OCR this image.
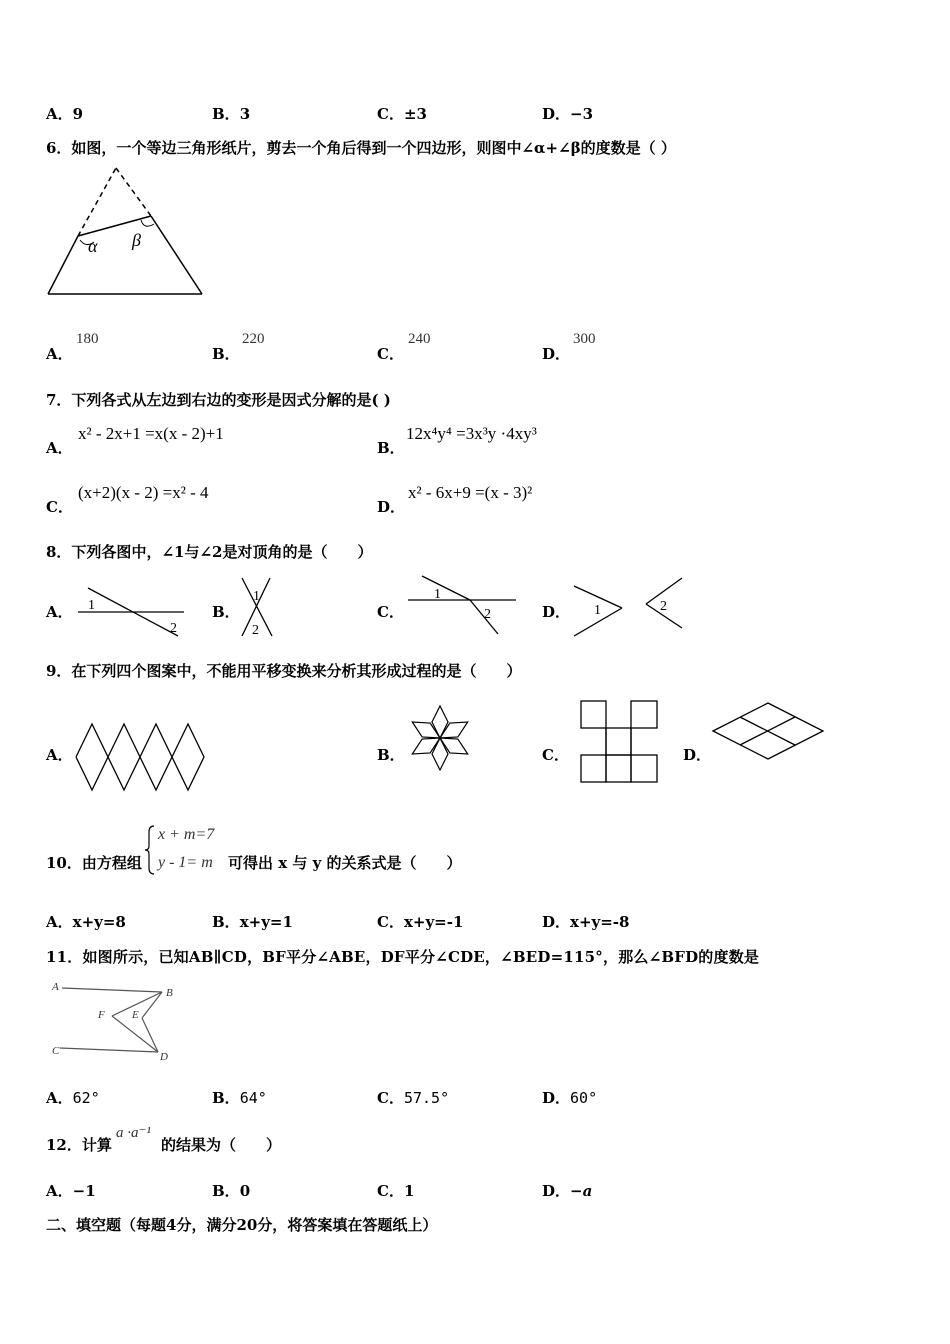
A．9	B．3	C．±3	D．−3
6．如图，一个等边三角形纸片，剪去一个角后得到一个四边形，则图中∠α+∠β的度数是（ ）
α β
A．
180
B．
220
C．
240
D．
300
7．下列各式从左边到右边的变形是因式分解的是( )
A．
x² - 2x+1 =x(x - 2)+1
B．
12x⁴y⁴ =3x³y ·4xy³
C．
(x+2)(x - 2) =x² - 4
D．
x² - 6x+9 =(x - 3)²
8．下列各图中，∠1与∠2是对顶角的是（　　）
A． 1
2
B．
1
2
C．
1
2	D． 1	2
9．在下列四个图案中，不能用平移变换来分析其形成过程的是（　　）
A．	B．	C．	D．
10．由方程组
x + m=7
y - 1= m 可得出 x 与 y 的关系式是（　　）
A．x+y=8	B．x+y=1	C．x+y=-1	D．x+y=-8
11．如图所示，已知AB∥CD，BF平分∠ABE，DF平分∠CDE，∠BED=115°，那么∠BFD的度数是
A	B
C	D
E
F
A．62°	B．64°	C．57.5°	D．60°
12．计算
a ·a⁻¹
的结果为（　　）
A．−1	B．0	C．1	D．−a
二、填空题（每题4分，满分20分，将答案填在答题纸上）
